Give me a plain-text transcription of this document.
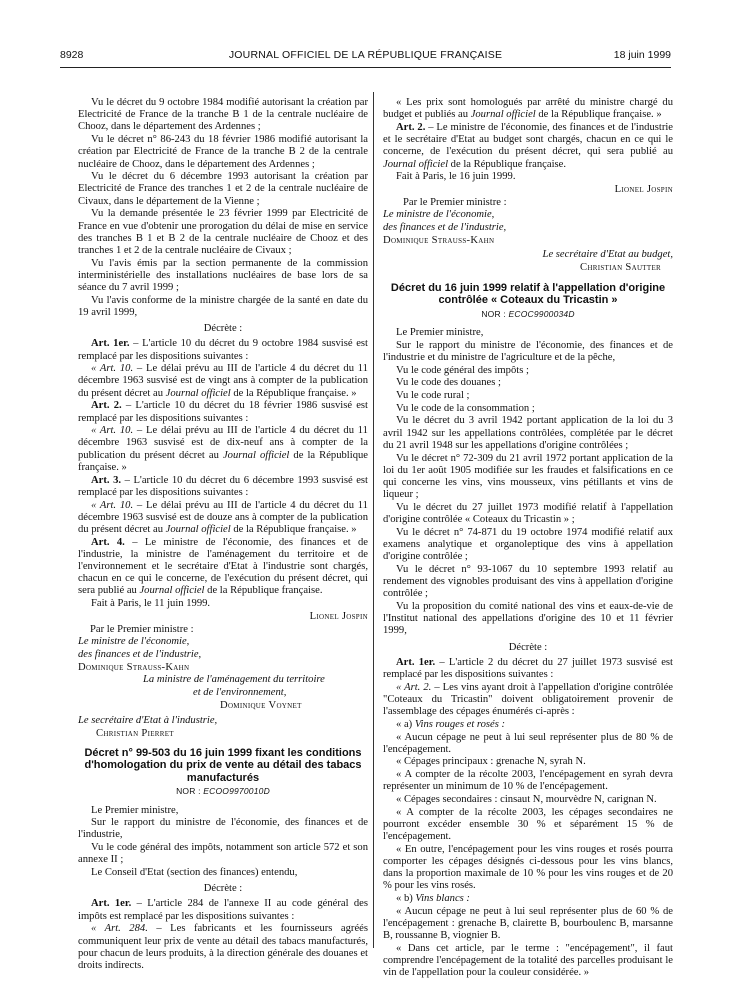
8928	JOURNAL OFFICIEL DE LA RÉPUBLIQUE FRANÇAISE	18 juin 1999

Vu le décret du 9 octobre 1984 modifié autorisant la création par Electricité de France de la tranche B 1 de la centrale nucléaire de Chooz, dans le département des Ardennes ;

Vu le décret n° 86-243 du 18 février 1986 modifié autorisant la création par Electricité de France de la tranche B 2 de la centrale nucléaire de Chooz, dans le département des Ardennes ;

Vu le décret du 6 décembre 1993 autorisant la création par Electricité de France des tranches 1 et 2 de la centrale nucléaire de Civaux, dans le département de la Vienne ;

Vu la demande présentée le 23 février 1999 par Electricité de France en vue d'obtenir une prorogation du délai de mise en service des tranches B 1 et B 2 de la centrale nucléaire de Chooz et des tranches 1 et 2 de la centrale nucléaire de Civaux ;

Vu l'avis émis par la section permanente de la commission interministérielle des installations nucléaires de base lors de sa séance du 7 avril 1999 ;

Vu l'avis conforme de la ministre chargée de la santé en date du 19 avril 1999,

Décrète :

Art. 1er. – L'article 10 du décret du 9 octobre 1984 susvisé est remplacé par les dispositions suivantes :

« Art. 10. – Le délai prévu au III de l'article 4 du décret du 11 décembre 1963 susvisé est de vingt ans à compter de la publication du présent décret au Journal officiel de la République française. »

Art. 2. – L'article 10 du décret du 18 février 1986 susvisé est remplacé par les dispositions suivantes :

« Art. 10. – Le délai prévu au III de l'article 4 du décret du 11 décembre 1963 susvisé est de dix-neuf ans à compter de la publication du présent décret au Journal officiel de la République française. »

Art. 3. – L'article 10 du décret du 6 décembre 1993 susvisé est remplacé par les dispositions suivantes :

« Art. 10. – Le délai prévu au III de l'article 4 du décret du 11 décembre 1963 susvisé est de douze ans à compter de la publication du présent décret au Journal officiel de la République française. »

Art. 4. – Le ministre de l'économie, des finances et de l'industrie, la ministre de l'aménagement du territoire et de l'environnement et le secrétaire d'Etat à l'industrie sont chargés, chacun en ce qui le concerne, de l'exécution du présent décret, qui sera publié au Journal officiel de la République française.

Fait à Paris, le 11 juin 1999.

Lionel Jospin

Par le Premier ministre :

Le ministre de l'économie,

des finances et de l'industrie,

Dominique Strauss-Kahn

La ministre de l'aménagement du territoire

et de l'environnement,

Dominique Voynet

Le secrétaire d'Etat à l'industrie,

Christian Pierret

Décret n° 99-503 du 16 juin 1999 fixant les conditions d'homologation du prix de vente au détail des tabacs manufacturés

NOR : ECOO9970010D

Le Premier ministre,

Sur le rapport du ministre de l'économie, des finances et de l'industrie,

Vu le code général des impôts, notamment son article 572 et son annexe II ;

Le Conseil d'Etat (section des finances) entendu,

Décrète :

Art. 1er. – L'article 284 de l'annexe II au code général des impôts est remplacé par les dispositions suivantes :

« Art. 284. – Les fabricants et les fournisseurs agréés communiquent leur prix de vente au détail des tabacs manufacturés, pour chacun de leurs produits, à la direction générale des douanes et droits indirects.

« Les prix sont homologués par arrêté du ministre chargé du budget et publiés au Journal officiel de la République française. »

Art. 2. – Le ministre de l'économie, des finances et de l'industrie et le secrétaire d'Etat au budget sont chargés, chacun en ce qui le concerne, de l'exécution du présent décret, qui sera publié au Journal officiel de la République française.

Fait à Paris, le 16 juin 1999.

Lionel Jospin

Par le Premier ministre :

Le ministre de l'économie,

des finances et de l'industrie,

Dominique Strauss-Kahn

Le secrétaire d'Etat au budget,

Christian Sautter

Décret du 16 juin 1999 relatif à l'appellation d'origine contrôlée « Coteaux du Tricastin »

NOR : ECOC9900034D

Le Premier ministre,

Sur le rapport du ministre de l'économie, des finances et de l'industrie et du ministre de l'agriculture et de la pêche,

Vu le code général des impôts ;

Vu le code des douanes ;

Vu le code rural ;

Vu le code de la consommation ;

Vu le décret du 3 avril 1942 portant application de la loi du 3 avril 1942 sur les appellations contrôlées, complétée par le décret du 21 avril 1948 sur les appellations d'origine contrôlées ;

Vu le décret n° 72-309 du 21 avril 1972 portant application de la loi du 1er août 1905 modifiée sur les fraudes et falsifications en ce qui concerne les vins, vins mousseux, vins pétillants et vins de liqueur ;

Vu le décret du 27 juillet 1973 modifié relatif à l'appellation d'origine contrôlée « Coteaux du Tricastin » ;

Vu le décret n° 74-871 du 19 octobre 1974 modifié relatif aux examens analytique et organoleptique des vins à appellation d'origine contrôlée ;

Vu le décret n° 93-1067 du 10 septembre 1993 relatif au rendement des vignobles produisant des vins à appellation d'origine contrôlée ;

Vu la proposition du comité national des vins et eaux-de-vie de l'Institut national des appellations d'origine des 10 et 11 février 1999,

Décrète :

Art. 1er. – L'article 2 du décret du 27 juillet 1973 susvisé est remplacé par les dispositions suivantes :

« Art. 2. – Les vins ayant droit à l'appellation d'origine contrôlée "Coteaux du Tricastin" doivent obligatoirement provenir de l'assemblage des cépages énumérés ci-après :

« a) Vins rouges et rosés :

« Aucun cépage ne peut à lui seul représenter plus de 80 % de l'encépagement.

« Cépages principaux : grenache N, syrah N.

« A compter de la récolte 2003, l'encépagement en syrah devra représenter un minimum de 10 % de l'encépagement.

« Cépages secondaires : cinsaut N, mourvèdre N, carignan N.

« A compter de la récolte 2003, les cépages secondaires ne pourront excéder ensemble 30 % et séparément 15 % de l'encépagement.

« En outre, l'encépagement pour les vins rouges et rosés pourra comporter les cépages désignés ci-dessous pour les vins blancs, dans la proportion maximale de 10 % pour les vins rouges et de 20 % pour les vins rosés.

« b) Vins blancs :

« Aucun cépage ne peut à lui seul représenter plus de 60 % de l'encépagement : grenache B, clairette B, bourboulenc B, marsanne B, roussanne B, viognier B.

« Dans cet article, par le terme : "encépagement", il faut comprendre l'encépagement de la totalité des parcelles produisant le vin de l'appellation pour la couleur considérée. »
